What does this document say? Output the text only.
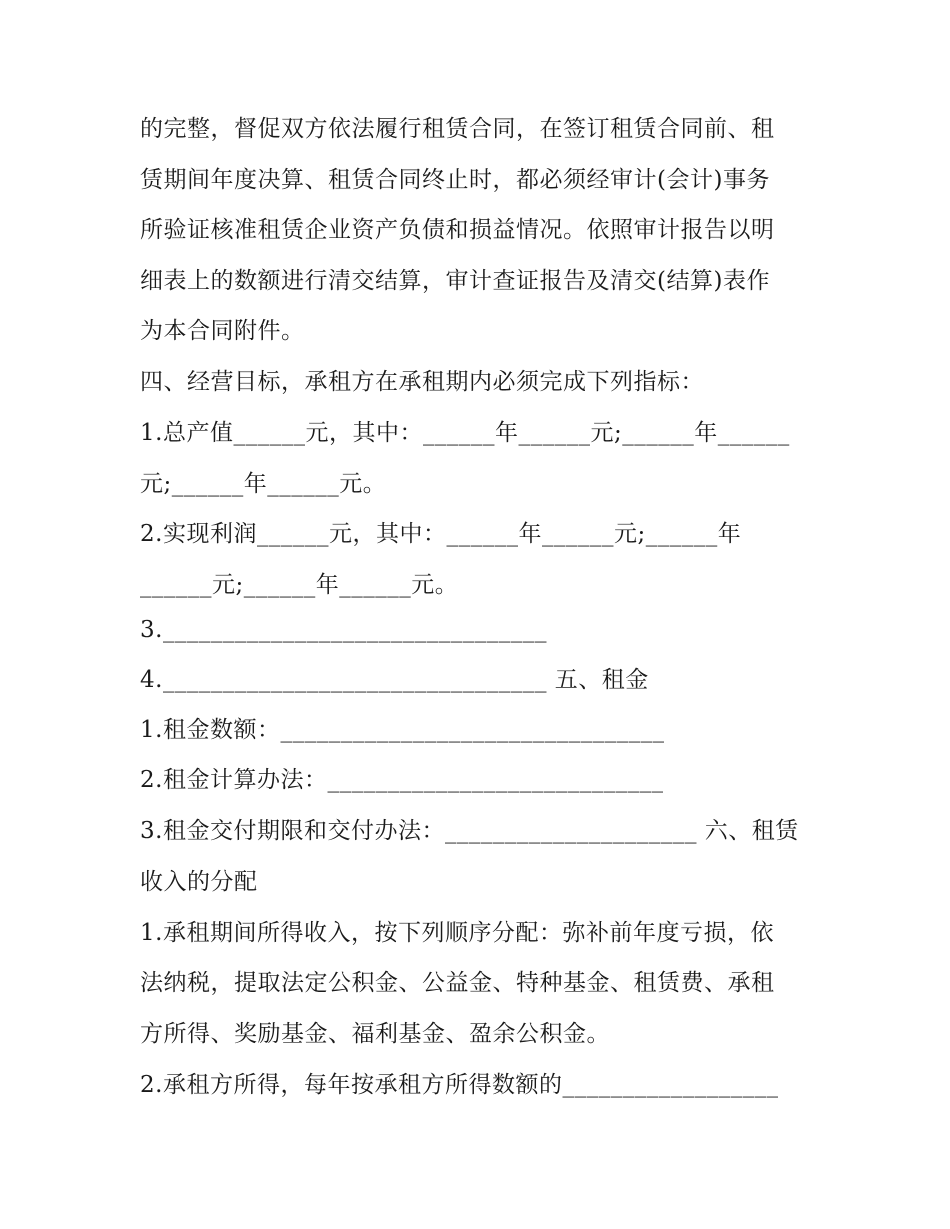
的完整，督促双方依法履行租赁合同，在签订租赁合同前、租
赁期间年度决算、租赁合同终止时，都必须经审计(会计)事务
所验证核准租赁企业资产负债和损益情况。依照审计报告以明
细表上的数额进行清交结算，审计查证报告及清交(结算)表作
为本合同附件。
四、经营目标，承租方在承租期内必须完成下列指标：
1.总产值______元，其中：______年______元;______年______
元;______年______元。
2.实现利润______元，其中：______年______元;______年
______元;______年______元。
3.________________________________
4.________________________________ 五、租金
1.租金数额：________________________________
2.租金计算办法：____________________________
3.租金交付期限和交付办法：_____________________ 六、租赁
收入的分配
1.承租期间所得收入，按下列顺序分配：弥补前年度亏损，依
法纳税，提取法定公积金、公益金、特种基金、租赁费、承租
方所得、奖励基金、福利基金、盈余公积金。
2.承租方所得，每年按承租方所得数额的__________________
